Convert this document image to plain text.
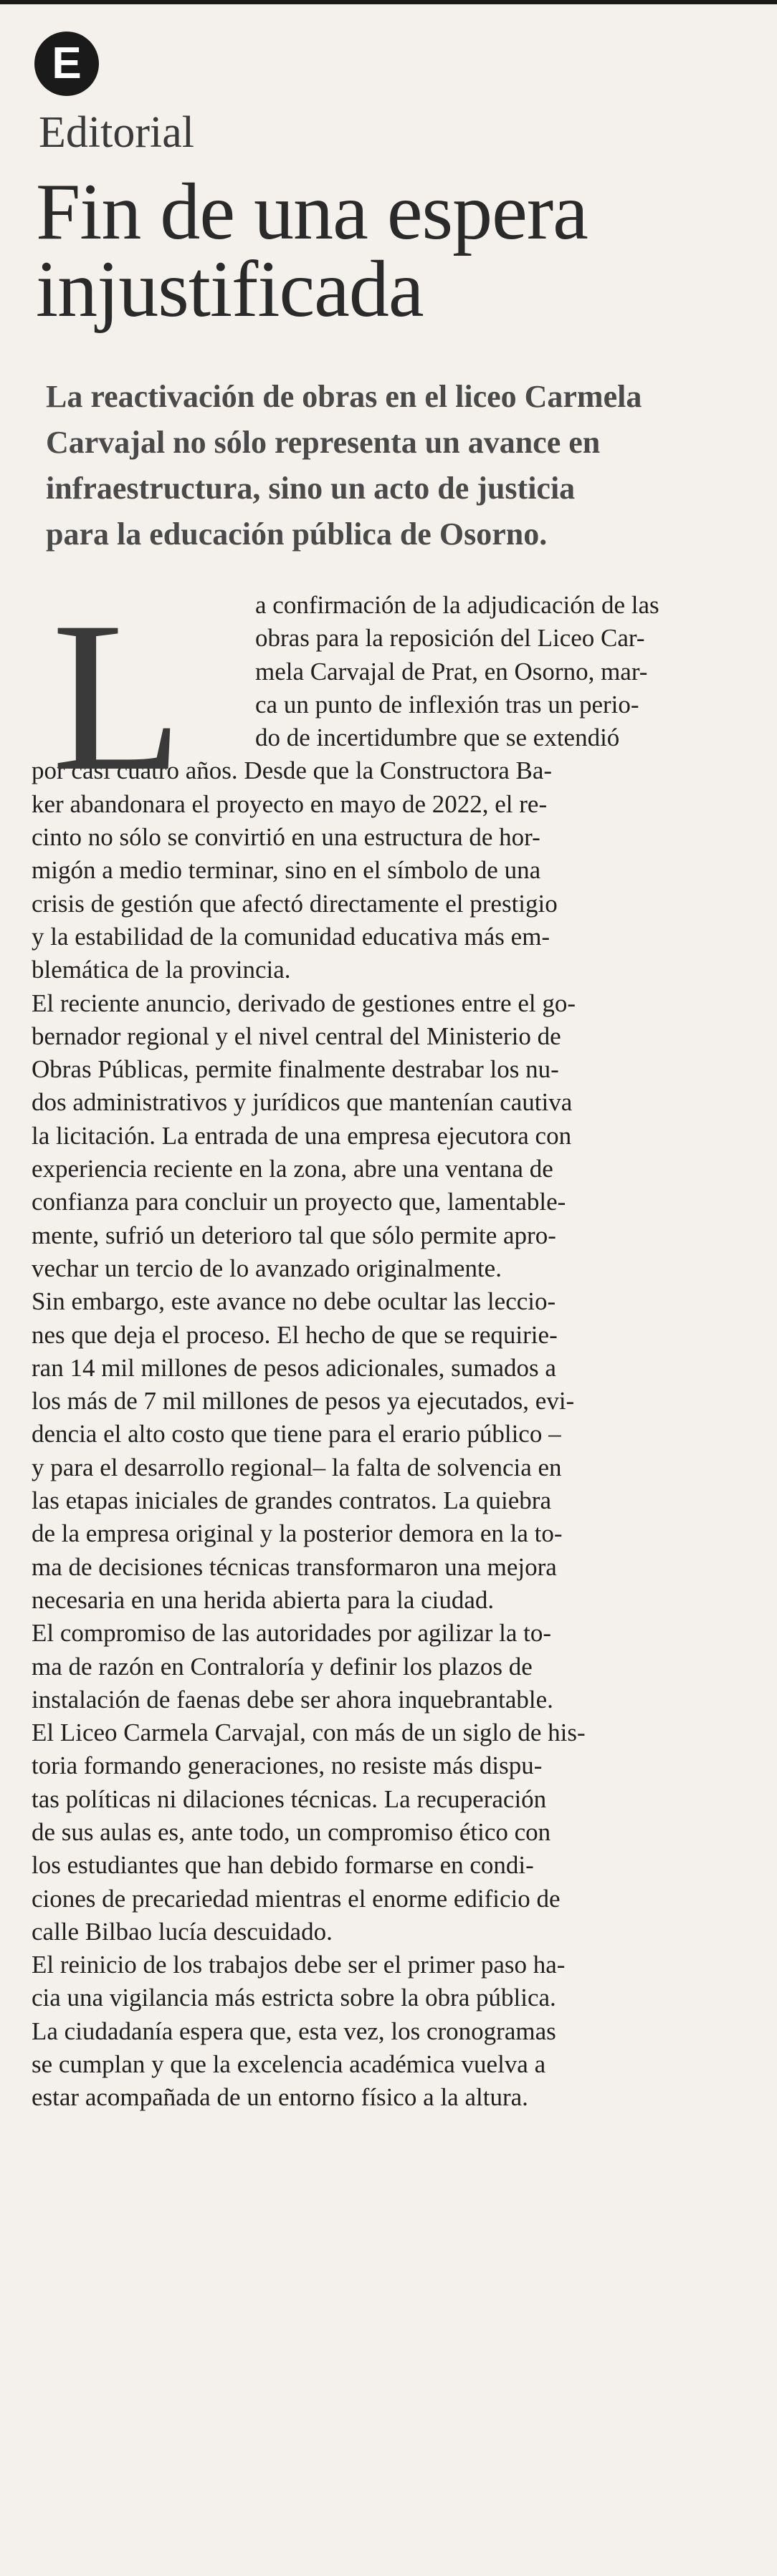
E
Editorial
Fin de una espera
injustificada
La reactivación de obras en el liceo Carmela
Carvajal no sólo representa un avance en
infraestructura, sino un acto de justicia
para la educación pública de Osorno.
L	a confirmación de la adjudicación de las
obras para la reposición del Liceo Car-
mela Carvajal de Prat, en Osorno, mar-
ca un punto de inflexión tras un perio-
do de incertidumbre que se extendió
por casi cuatro años. Desde que la Constructora Ba-
ker abandonara el proyecto en mayo de 2022, el re-
cinto no sólo se convirtió en una estructura de hor-
migón a medio terminar, sino en el símbolo de una
crisis de gestión que afectó directamente el prestigio
y la estabilidad de la comunidad educativa más em-
blemática de la provincia.
El reciente anuncio, derivado de gestiones entre el go-
bernador regional y el nivel central del Ministerio de
Obras Públicas, permite finalmente destrabar los nu-
dos administrativos y jurídicos que mantenían cautiva
la licitación. La entrada de una empresa ejecutora con
experiencia reciente en la zona, abre una ventana de
confianza para concluir un proyecto que, lamentable-
mente, sufrió un deterioro tal que sólo permite apro-
vechar un tercio de lo avanzado originalmente.
Sin embargo, este avance no debe ocultar las leccio-
nes que deja el proceso. El hecho de que se requirie-
ran 14 mil millones de pesos adicionales, sumados a
los más de 7 mil millones de pesos ya ejecutados, evi-
dencia el alto costo que tiene para el erario público –
y para el desarrollo regional– la falta de solvencia en
las etapas iniciales de grandes contratos. La quiebra
de la empresa original y la posterior demora en la to-
ma de decisiones técnicas transformaron una mejora
necesaria en una herida abierta para la ciudad.
El compromiso de las autoridades por agilizar la to-
ma de razón en Contraloría y definir los plazos de
instalación de faenas debe ser ahora inquebrantable.
El Liceo Carmela Carvajal, con más de un siglo de his-
toria formando generaciones, no resiste más dispu-
tas políticas ni dilaciones técnicas. La recuperación
de sus aulas es, ante todo, un compromiso ético con
los estudiantes que han debido formarse en condi-
ciones de precariedad mientras el enorme edificio de
calle Bilbao lucía descuidado.
El reinicio de los trabajos debe ser el primer paso ha-
cia una vigilancia más estricta sobre la obra pública.
La ciudadanía espera que, esta vez, los cronogramas
se cumplan y que la excelencia académica vuelva a
estar acompañada de un entorno físico a la altura.
